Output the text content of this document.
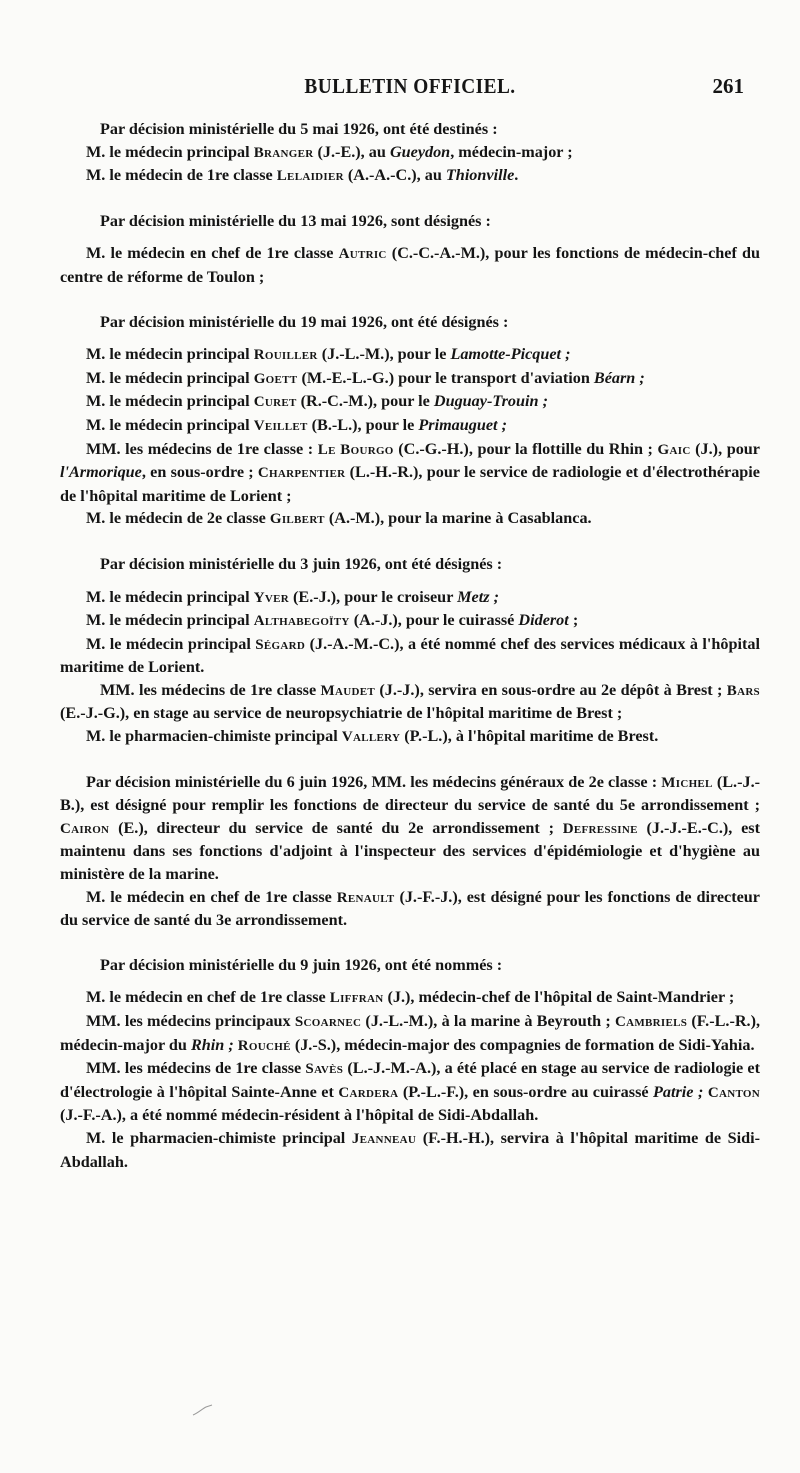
BULLETIN OFFICIEL.	261

Par décision ministérielle du 5 mai 1926, ont été destinés :

M. le médecin principal Branger (J.-E.), au Gueydon, médecin-major ;

M. le médecin de 1re classe Lelaidier (A.-A.-C.), au Thionville.

Par décision ministérielle du 13 mai 1926, sont désignés :

M. le médecin en chef de 1re classe Autric (C.-C.-A.-M.), pour les fonctions de médecin-chef du centre de réforme de Toulon ;

Par décision ministérielle du 19 mai 1926, ont été désignés :

M. le médecin principal Rouiller (J.-L.-M.), pour le Lamotte-Picquet ;

M. le médecin principal Goett (M.-E.-L.-G.) pour le transport d'aviation Béarn ;

M. le médecin principal Curet (R.-C.-M.), pour le Duguay-Trouin ;

M. le médecin principal Veillet (B.-L.), pour le Primauguet ;

MM. les médecins de 1re classe : Le Bourgo (C.-G.-H.), pour la flottille du Rhin ; Gaic (J.), pour l'Armorique, en sous-ordre ; Charpentier (L.-H.-R.), pour le service de radiologie et d'électrothérapie de l'hôpital maritime de Lorient ;

M. le médecin de 2e classe Gilbert (A.-M.), pour la marine à Casablanca.

Par décision ministérielle du 3 juin 1926, ont été désignés :

M. le médecin principal Yver (E.-J.), pour le croiseur Metz ;

M. le médecin principal Althabegoïty (A.-J.), pour le cuirassé Diderot ;

M. le médecin principal Ségard (J.-A.-M.-C.), a été nommé chef des services médicaux à l'hôpital maritime de Lorient.

MM. les médecins de 1re classe Maudet (J.-J.), servira en sous-ordre au 2e dépôt à Brest ; Bars (E.-J.-G.), en stage au service de neuropsychiatrie de l'hôpital maritime de Brest ;

M. le pharmacien-chimiste principal Vallery (P.-L.), à l'hôpital maritime de Brest.

Par décision ministérielle du 6 juin 1926, MM. les médecins généraux de 2e classe : Michel (L.-J.-B.), est désigné pour remplir les fonctions de directeur du service de santé du 5e arrondissement ; Cairon (E.), directeur du service de santé du 2e arrondissement ; Defressine (J.-J.-E.-C.), est maintenu dans ses fonctions d'adjoint à l'inspecteur des services d'épidémiologie et d'hygiène au ministère de la marine.

M. le médecin en chef de 1re classe Renault (J.-F.-J.), est désigné pour les fonctions de directeur du service de santé du 3e arrondissement.

Par décision ministérielle du 9 juin 1926, ont été nommés :

M. le médecin en chef de 1re classe Liffran (J.), médecin-chef de l'hôpital de Saint-Mandrier ;

MM. les médecins principaux Scoarnec (J.-L.-M.), à la marine à Beyrouth ; Cambriels (F.-L.-R.), médecin-major du Rhin ; Rouché (J.-S.), médecin-major des compagnies de formation de Sidi-Yahia.

MM. les médecins de 1re classe Savès (L.-J.-M.-A.), a été placé en stage au service de radiologie et d'électrologie à l'hôpital Sainte-Anne et Cardera (P.-L.-F.), en sous-ordre au cuirassé Patrie ; Canton (J.-F.-A.), a été nommé médecin-résident à l'hôpital de Sidi-Abdallah.

M. le pharmacien-chimiste principal Jeanneau (F.-H.-H.), servira à l'hôpital maritime de Sidi-Abdallah.
